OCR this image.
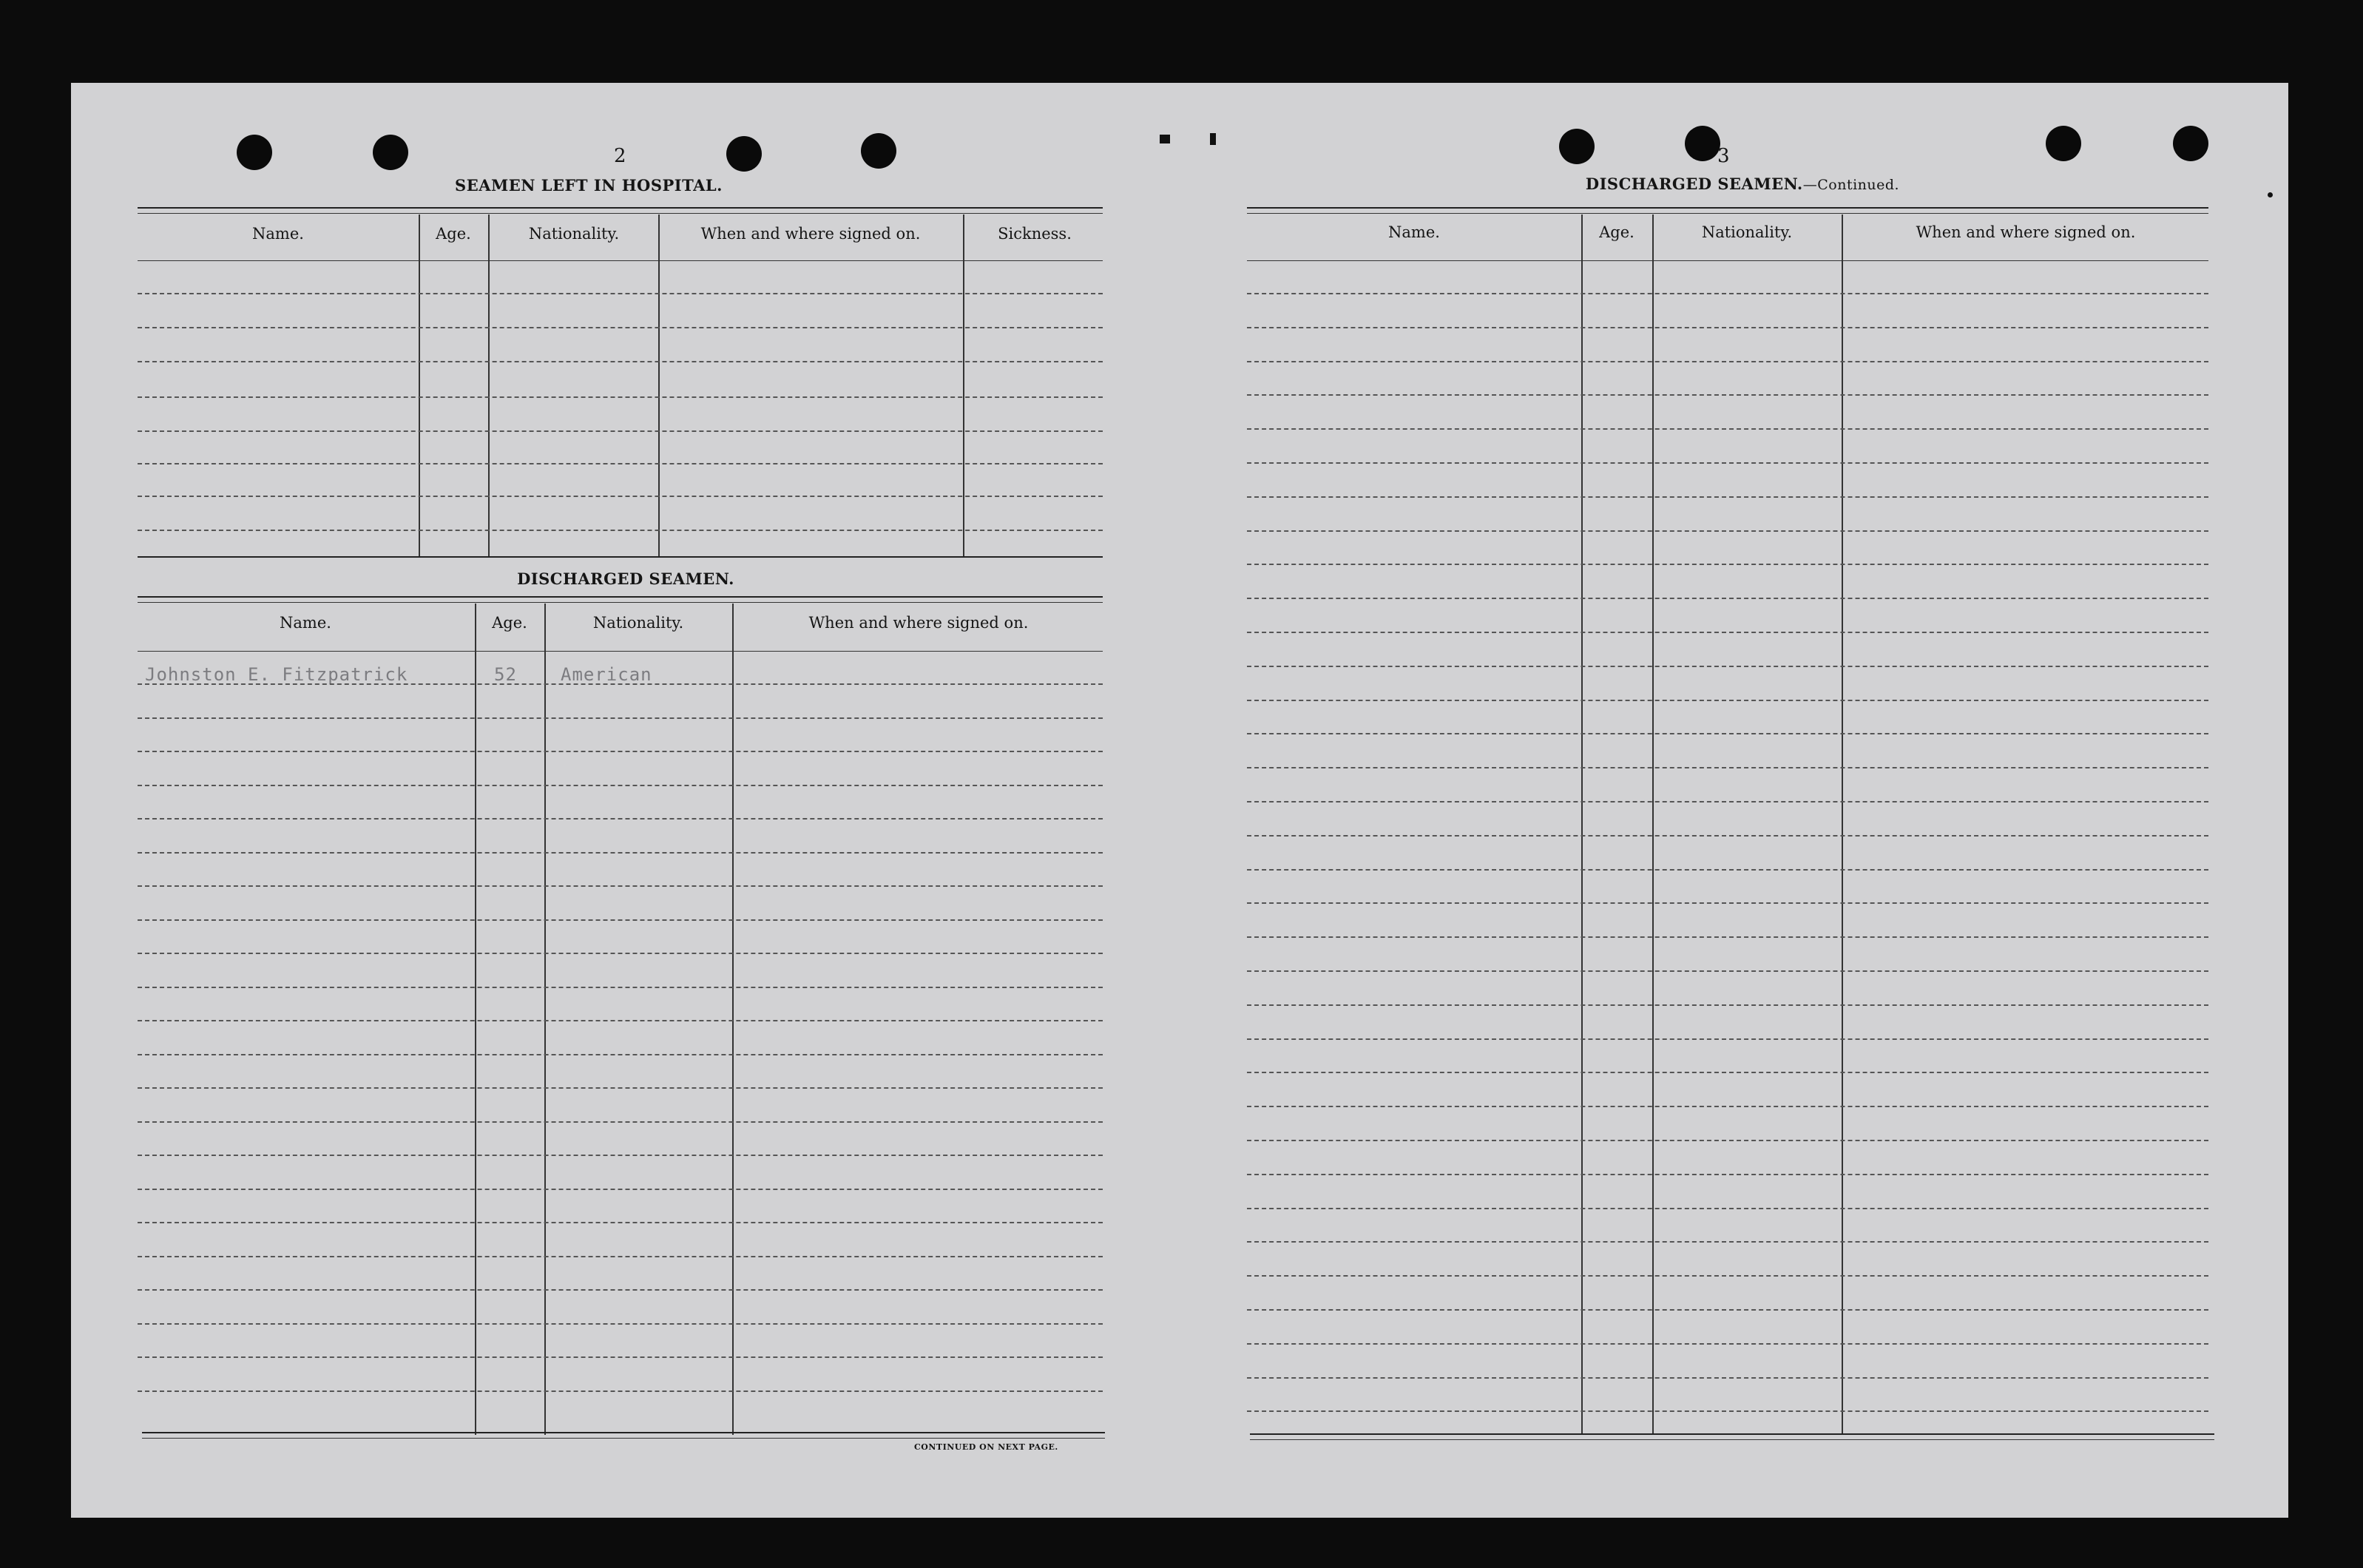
2
SEAMEN LEFT IN HOSPITAL.
Name.	Age.	Nationality.	When and where signed on.	Sickness.
DISCHARGED SEAMEN.
Name.	Age.	Nationality.	When and where signed on.
Johnston E. Fitzpatrick	52 American
CONTINUED ON NEXT PAGE.
3
DISCHARGED SEAMEN.—Continued.
Name.	Age.	Nationality.	When and where signed on.
